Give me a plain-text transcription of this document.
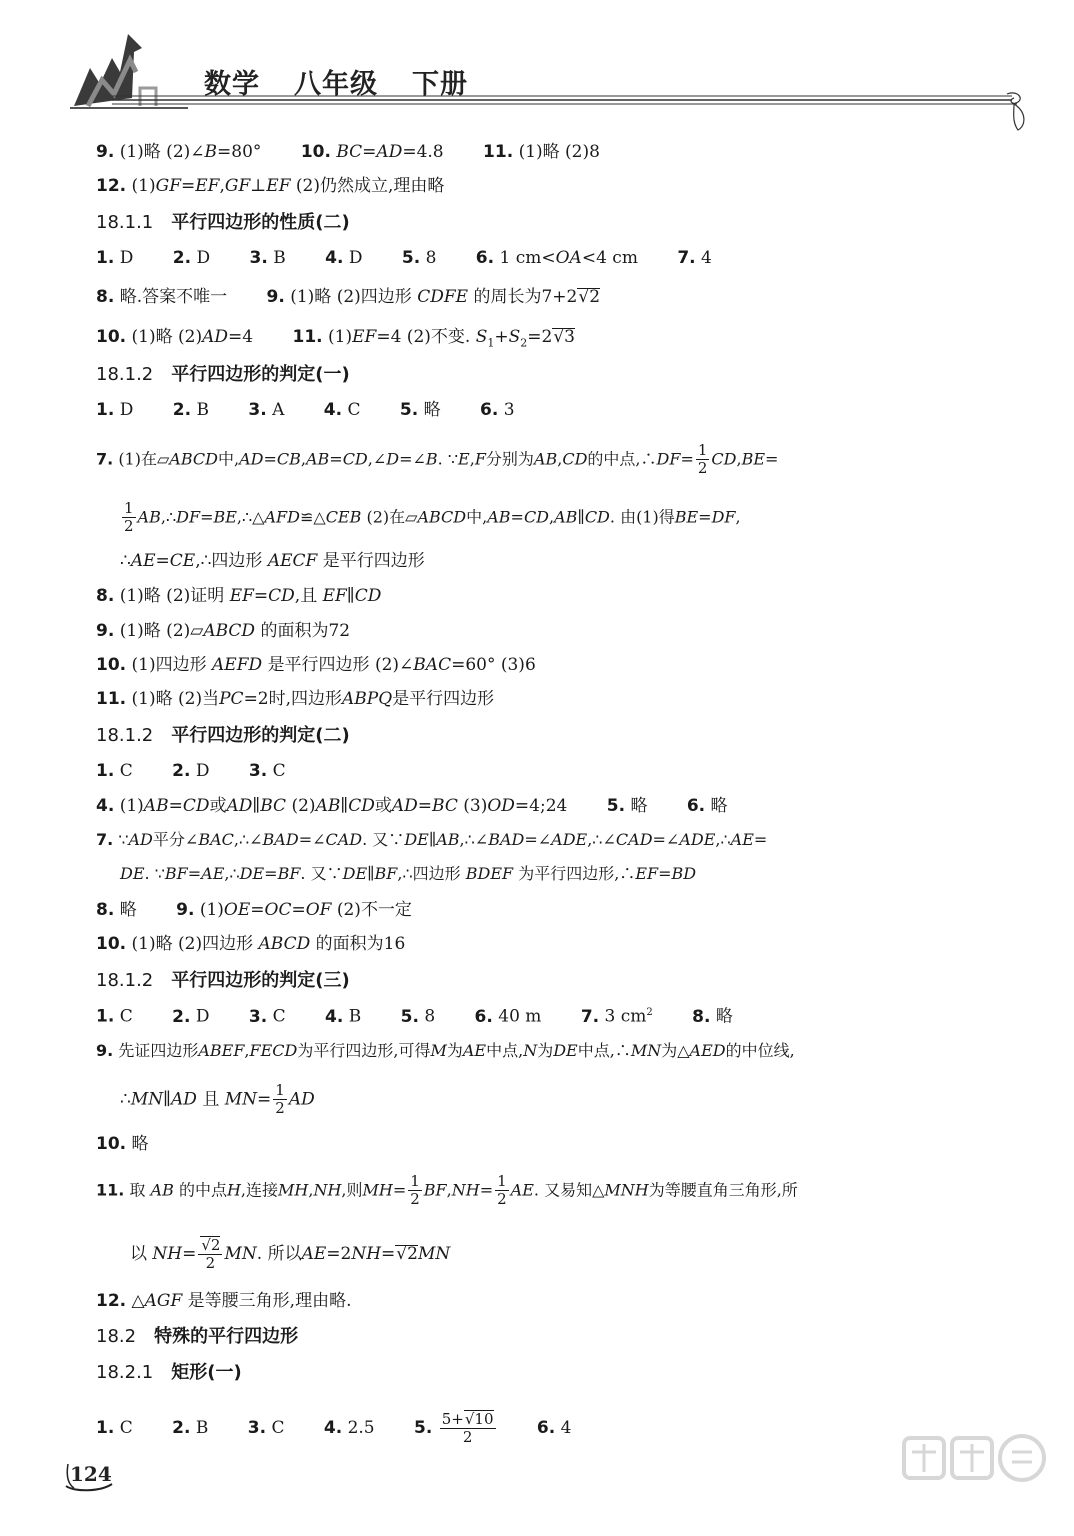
数学 八年级 下册
9. (1)略 (2)∠B=80° 10. BC=AD=4.8 11. (1)略 (2)8
12. (1)GF=EF,GF⊥EF (2)仍然成立,理由略
18.1.1 平行四边形的性质(二)
1. D 2. D 3. B 4. D 5. 8 6. 1 cm<OA<4 cm 7. 4
8. 略.答案不唯一 9. (1)略 (2)四边形 CDFE 的周长为7+2√ 2
10. (1)略 (2)AD=4 11. (1)EF=4 (2)不变. $S_1+S_2=2√$ 3
18.1.2 平行四边形的判定(一)
1. D 2. B 3. A 4. C 5. 略 6. 3
7. (1)在▱ABCD中,AD=CB,AB=CD,∠D=∠B. ∵E,F分别为AB,CD的中点,∴DF= $\frac{1}{2} CD,BE=$
$\frac{1}{2}$ AB,∴DF=BE,∴△AFD≌△CEB (2)在▱ABCD中,AB=CD,AB∥CD. 由(1)得BE=DF,
∴AE=CE,∴四边形 AECF 是平行四边形
8. (1)略 (2)证明 EF=CD,且 EF∥CD
9. (1)略 (2)▱ABCD 的面积为72
10. (1)四边形 AEFD 是平行四边形 (2)∠BAC=60° (3)6
11. (1)略 (2)当PC=2时,四边形ABPQ是平行四边形
18.1.2 平行四边形的判定(二)
1. C 2. D 3. C
4. (1)AB=CD或AD∥BC (2)AB∥CD或AD=BC (3)OD=4;24 5. 略 6. 略
7. ∵AD平分∠BAC,∴∠BAD=∠CAD. 又∵DE∥AB,∴∠BAD=∠ADE,∴∠CAD=∠ADE,∴AE=
DE. ∵BF=AE,∴DE=BF. 又∵DE∥BF,∴四边形 BDEF 为平行四边形,∴EF=BD
8. 略 9. (1)OE=OC=OF (2)不一定
10. (1)略 (2)四边形 ABCD 的面积为16
18.1.2 平行四边形的判定(三)
1. C 2. D 3. C 4. B 5. 8 6. 40 m 7. 3 $cm^2$ 8. 略
9. 先证四边形ABEF,FECD为平行四边形,可得M为AE中点,N为DE中点,∴MN为△AED的中位线,
∴MN∥AD 且 $MN= \frac{1}{2}$ AD
10. 略
11. 取 AB 的中点H,连接MH,NH,则$MH= \frac{1}{2} BF,NH= \frac{1}{2}$ AE. 又易知△MNH为等腰直角三角形,所
以 NH=
√ $\frac{2}{2}$ MN. 所以AE=2NH=√ 2MN
12. △AGF 是等腰三角形,理由略.
18.2 特殊的平行四边形
18.2.1 矩形(一)
1. C 2. B 3. C 4. 2.5 5. $\frac{5+√ 10}{2} 6$. 4
124
